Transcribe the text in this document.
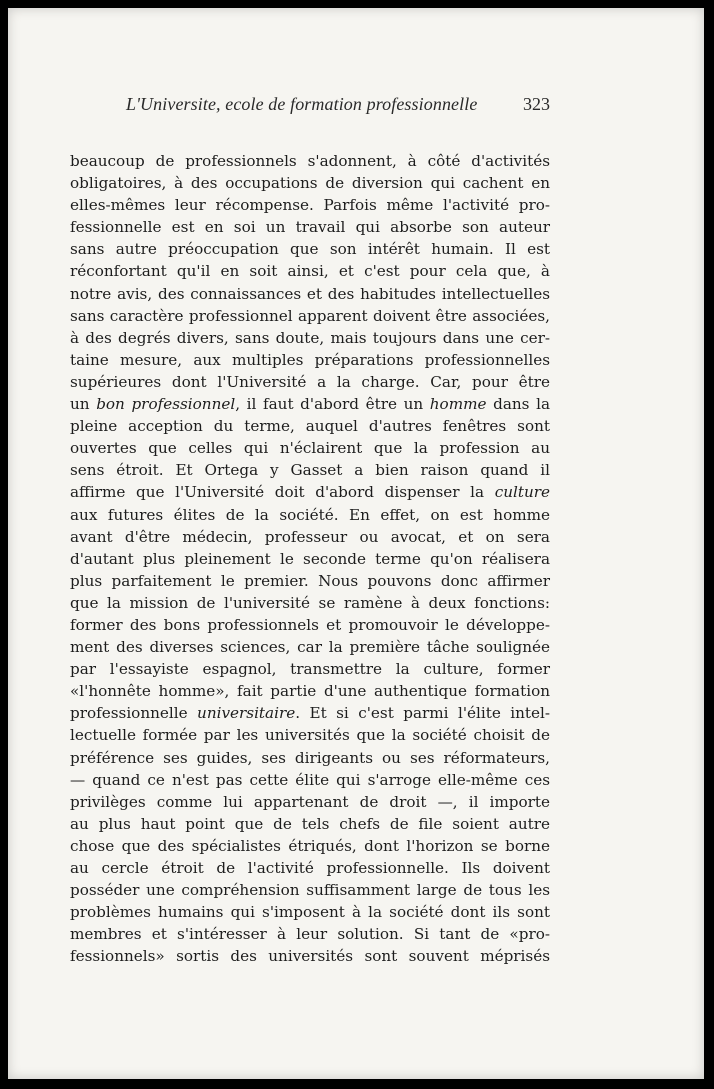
L'Universite, ecole de formation professionnelle	323
beaucoup de professionnels s'adonnent, à côté d'activités
obligatoires, à des occupations de diversion qui cachent en
elles-mêmes leur récompense. Parfois même l'activité pro-
fessionnelle est en soi un travail qui absorbe son auteur
sans autre préoccupation que son intérêt humain. Il est
réconfortant qu'il en soit ainsi, et c'est pour cela que, à
notre avis, des connaissances et des habitudes intellectuelles
sans caractère professionnel apparent doivent être associées,
à des degrés divers, sans doute, mais toujours dans une cer-
taine mesure, aux multiples préparations professionnelles
supérieures dont l'Université a la charge. Car, pour être
un bon professionnel, il faut d'abord être un homme dans la
pleine acception du terme, auquel d'autres fenêtres sont
ouvertes que celles qui n'éclairent que la profession au
sens étroit. Et Ortega y Gasset a bien raison quand il
affirme que l'Université doit d'abord dispenser la culture
aux futures élites de la société. En effet, on est homme
avant d'être médecin, professeur ou avocat, et on sera
d'autant plus pleinement le seconde terme qu'on réalisera
plus parfaitement le premier. Nous pouvons donc affirmer
que la mission de l'université se ramène à deux fonctions:
former des bons professionnels et promouvoir le développe-
ment des diverses sciences, car la première tâche soulignée
par l'essayiste espagnol, transmettre la culture, former
«l'honnête homme», fait partie d'une authentique formation
professionnelle universitaire. Et si c'est parmi l'élite intel-
lectuelle formée par les universités que la société choisit de
préférence ses guides, ses dirigeants ou ses réformateurs,
— quand ce n'est pas cette élite qui s'arroge elle-même ces
privilèges comme lui appartenant de droit —, il importe
au plus haut point que de tels chefs de file soient autre
chose que des spécialistes étriqués, dont l'horizon se borne
au cercle étroit de l'activité professionnelle. Ils doivent
posséder une compréhension suffisamment large de tous les
problèmes humains qui s'imposent à la société dont ils sont
membres et s'intéresser à leur solution. Si tant de «pro-
fessionnels» sortis des universités sont souvent méprisés
